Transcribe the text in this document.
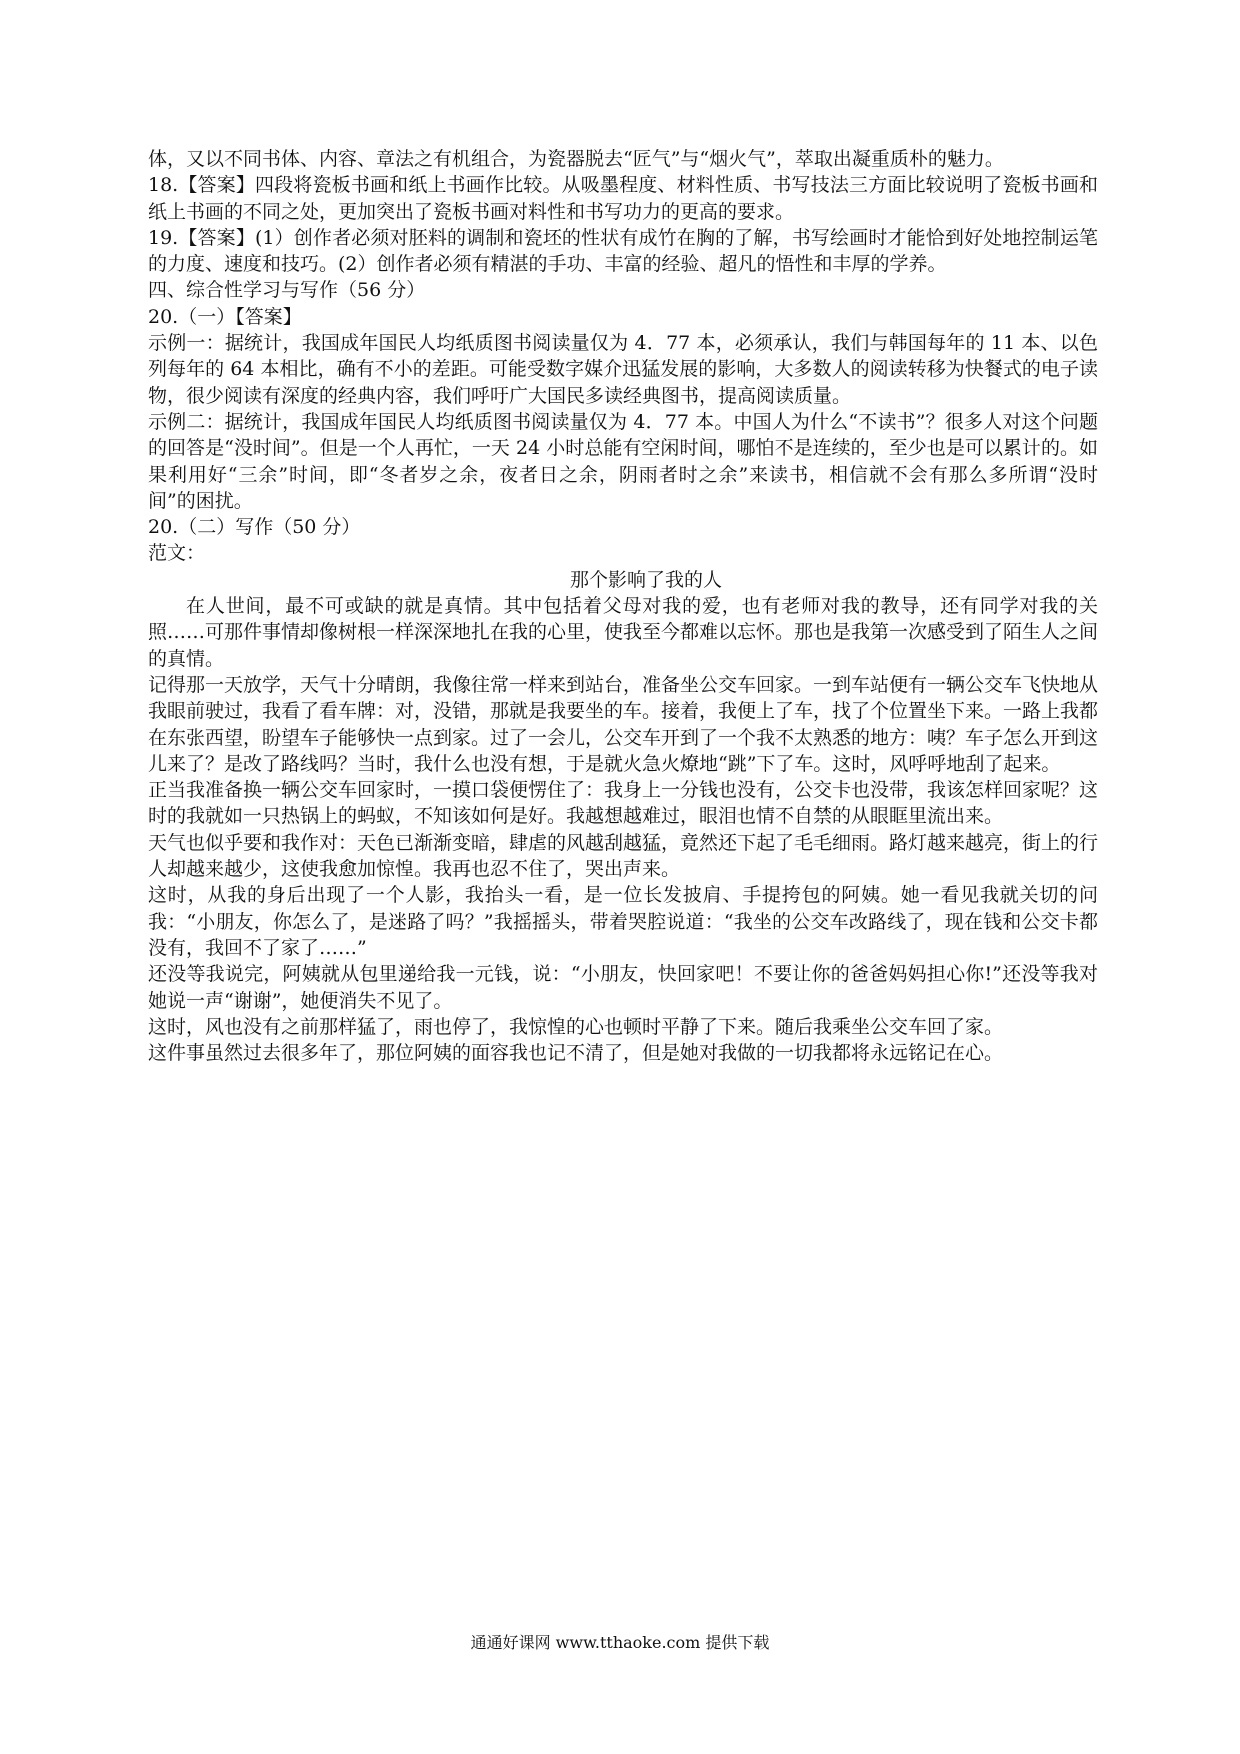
体，又以不同书体、内容、章法之有机组合，为瓷器脱去“匠气”与“烟火气”，萃取出凝重质朴的魅力。

18.【答案】四段将瓷板书画和纸上书画作比较。从吸墨程度、材料性质、书写技法三方面比较说明了瓷板书画和纸上书画的不同之处，更加突出了瓷板书画对料性和书写功力的更高的要求。

19.【答案】(1）创作者必须对胚料的调制和瓷坯的性状有成竹在胸的了解，书写绘画时才能恰到好处地控制运笔的力度、速度和技巧。(2）创作者必须有精湛的手功、丰富的经验、超凡的悟性和丰厚的学养。

四、综合性学习与写作（56 分）

20.（一）【答案】

示例一：据统计，我国成年国民人均纸质图书阅读量仅为 4．77 本，必须承认，我们与韩国每年的 11 本、以色列每年的 64 本相比，确有不小的差距。可能受数字媒介迅猛发展的影响，大多数人的阅读转移为快餐式的电子读物，很少阅读有深度的经典内容，我们呼吁广大国民多读经典图书，提高阅读质量。

示例二：据统计，我国成年国民人均纸质图书阅读量仅为 4．77 本。中国人为什么“不读书”？很多人对这个问题的回答是“没时间”。但是一个人再忙，一天 24 小时总能有空闲时间，哪怕不是连续的，至少也是可以累计的。如果利用好“三余”时间，即“冬者岁之余，夜者日之余，阴雨者时之余”来读书，相信就不会有那么多所谓“没时间”的困扰。

20.（二）写作（50 分）

范文：

那个影响了我的人

在人世间，最不可或缺的就是真情。其中包括着父母对我的爱，也有老师对我的教导，还有同学对我的关照……可那件事情却像树根一样深深地扎在我的心里，使我至今都难以忘怀。那也是我第一次感受到了陌生人之间的真情。

记得那一天放学，天气十分晴朗，我像往常一样来到站台，准备坐公交车回家。一到车站便有一辆公交车飞快地从我眼前驶过，我看了看车牌：对，没错，那就是我要坐的车。接着，我便上了车，找了个位置坐下来。一路上我都在东张西望，盼望车子能够快一点到家。过了一会儿，公交车开到了一个我不太熟悉的地方：咦？车子怎么开到这儿来了？是改了路线吗？当时，我什么也没有想，于是就火急火燎地“跳”下了车。这时，风呼呼地刮了起来。

正当我准备换一辆公交车回家时，一摸口袋便愣住了：我身上一分钱也没有，公交卡也没带，我该怎样回家呢？这时的我就如一只热锅上的蚂蚁，不知该如何是好。我越想越难过，眼泪也情不自禁的从眼眶里流出来。

天气也似乎要和我作对：天色已渐渐变暗，肆虐的风越刮越猛，竟然还下起了毛毛细雨。路灯越来越亮，街上的行人却越来越少，这使我愈加惊惶。我再也忍不住了，哭出声来。

这时，从我的身后出现了一个人影，我抬头一看，是一位长发披肩、手提挎包的阿姨。她一看见我就关切的问我：“小朋友，你怎么了，是迷路了吗？”我摇摇头，带着哭腔说道：“我坐的公交车改路线了，现在钱和公交卡都没有，我回不了家了……”

还没等我说完，阿姨就从包里递给我一元钱，说：“小朋友，快回家吧！不要让你的爸爸妈妈担心你!”还没等我对她说一声“谢谢”，她便消失不见了。

这时，风也没有之前那样猛了，雨也停了，我惊惶的心也顿时平静了下来。随后我乘坐公交车回了家。

这件事虽然过去很多年了，那位阿姨的面容我也记不清了，但是她对我做的一切我都将永远铭记在心。

通通好课网 www.tthaoke.com 提供下载
